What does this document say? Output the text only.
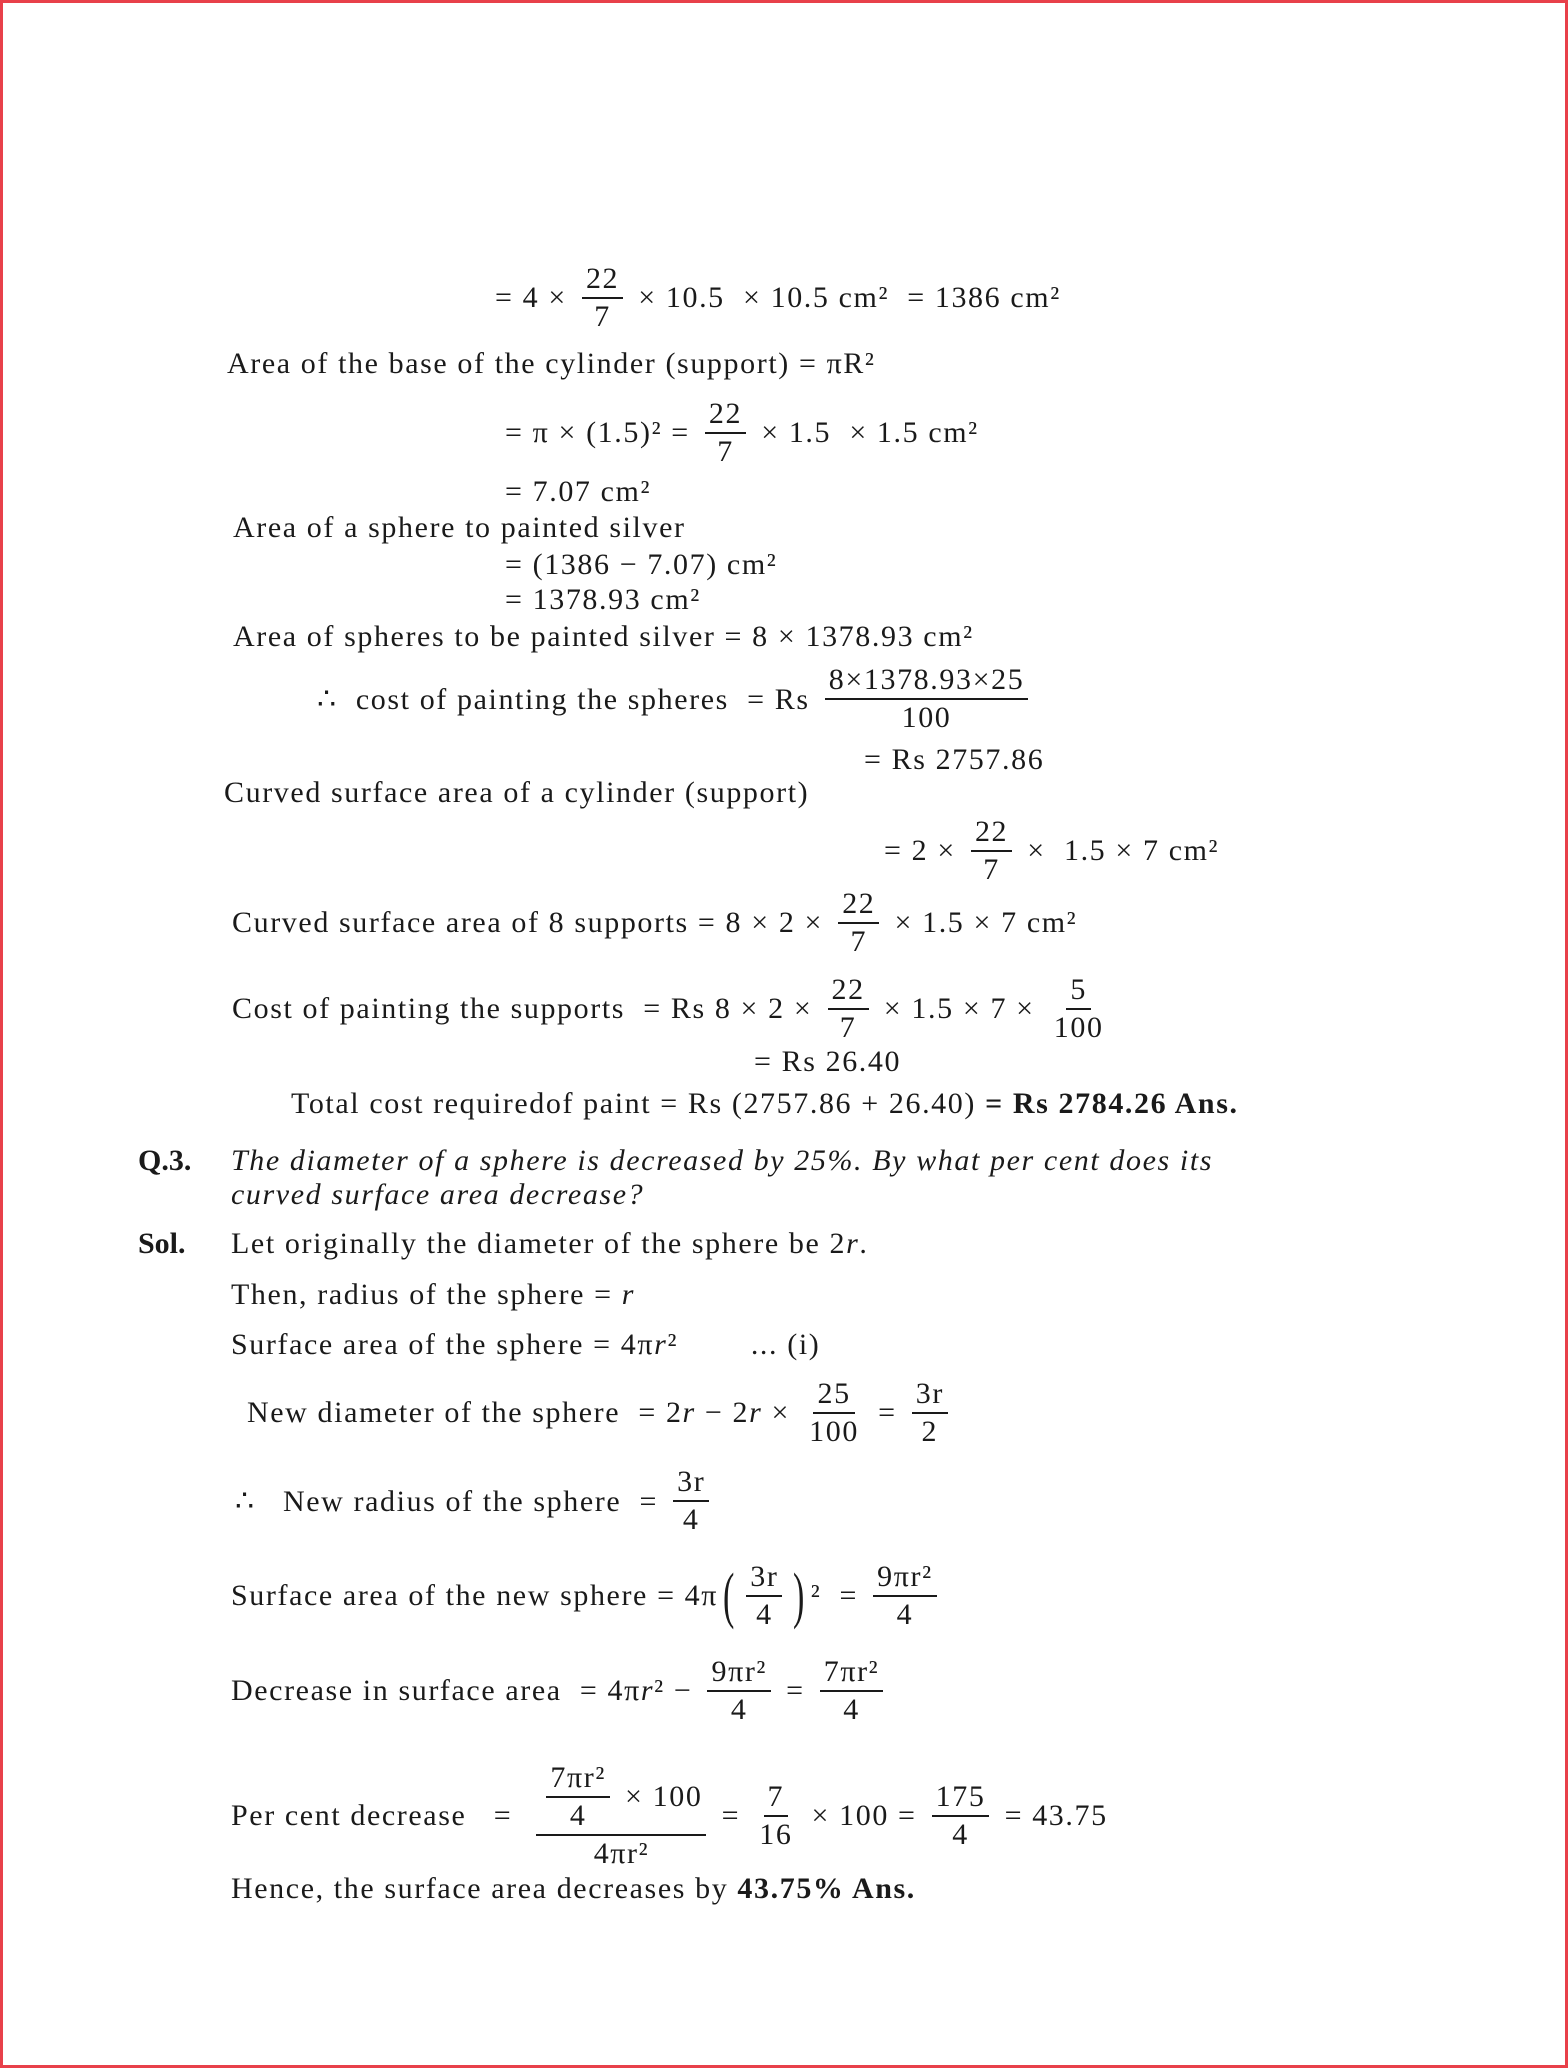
Q.3. The diameter of a sphere is decreased by 25%. By what per cent does its
curved surface area decrease?
Sol.
= $4 \times \frac{22}{7} \times 10.5 \times 10.5$ cm²  = 1386 cm²
Area of the base of the cylinder (support) = πR²
= $\pi \times (1.5)^2 = \frac{22}{7} \times 1.5 \times 1.5$ cm²
= 7.07 cm²
Area of a sphere to painted silver
= (1386 − 7.07) cm²
= 1378.93 cm²
Area of spheres to be painted silver = 8 × 1378.93 cm²
∴  cost of painting the spheres  = Rs $\frac{8\times 1378.93\times 25}{100}$
= Rs 2757.86
Curved surface area of a cylinder (support)
= $2 \times \frac{22}{7} \times 1.5 \times 7$ cm²
Curved surface area of 8 supports = $8 \times 2 \times \frac{22}{7} \times 1.5 \times 7$ cm²
Cost of painting the supports  = Rs $8 \times 2 \times \frac{22}{7} \times 1.5 \times 7 \times \frac{5}{100}$
= Rs 26.40
Total cost requiredof paint = Rs (2757.86 + 26.40) = Rs 2784.26 Ans.
Let originally the diameter of the sphere be 2 r .
Then, radius of the sphere = r
Surface area of the sphere = 4π r ²        ... (i)
New diameter of the sphere  = 2 r − 2 $r \times \frac{25}{100} = \frac{3r}{2}$
∴   New radius of the sphere  = $\frac{3r}{4}$
Surface area of the new sphere = 4π ( $\frac{3r}{4}$ ) $^2 = \frac{\text{9πr²}}{4}$
Decrease in surface area  = 4π r $^2 - \frac{\text{9πr²}}{4} = \frac{\text{7πr²}}{4}$
Per cent decrease   = $\frac{\frac{\text{7πr²}}{4} \times 100}{\text{4πr²}} = \frac{7}{16} \times 100 = \frac{175}{4} = 43.75$
Hence, the surface area decreases by 43.75% Ans.
